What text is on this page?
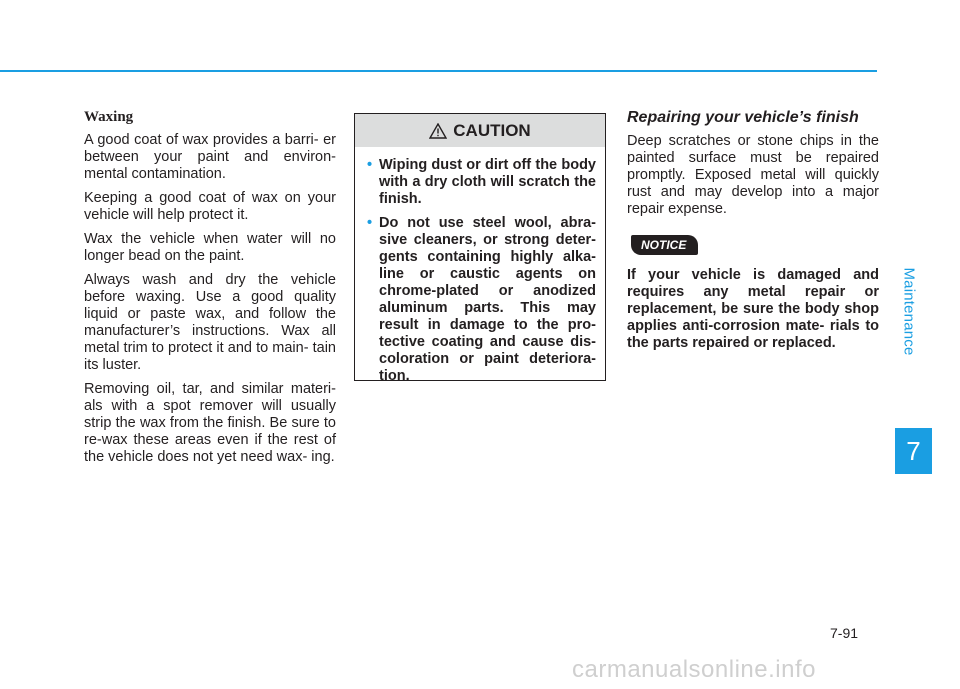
Maintenance
7
Waxing

A good coat of wax provides a barri- er between your paint and environ- mental contamination.

Keeping a good coat of wax on your vehicle will help protect it.

Wax the vehicle when water will no longer bead on the paint.

Always wash and dry the vehicle before waxing. Use a good quality liquid or paste wax, and follow the manufacturer’s instructions. Wax all metal trim to protect it and to main- tain its luster.

Removing oil, tar, and similar materi- als with a spot remover will usually strip the wax from the finish. Be sure to re-wax these areas even if the rest of the vehicle does not yet need wax- ing.

CAUTION
• Wiping dust or dirt off the body with a dry cloth will scratch the finish.
• Do not use steel wool, abra- sive cleaners, or strong deter- gents containing highly alka- line or caustic agents on chrome-plated or anodized aluminum parts. This may result in damage to the pro- tective coating and cause dis- coloration or paint deteriora- tion.
Repairing your vehicle’s finish

Deep scratches or stone chips in the painted surface must be repaired promptly. Exposed metal will quickly rust and may develop into a major repair expense.

NOTICE

If your vehicle is damaged and requires any metal repair or replacement, be sure the body shop applies anti-corrosion mate- rials to the parts repaired or replaced.

7-91
carmanualsonline.info
